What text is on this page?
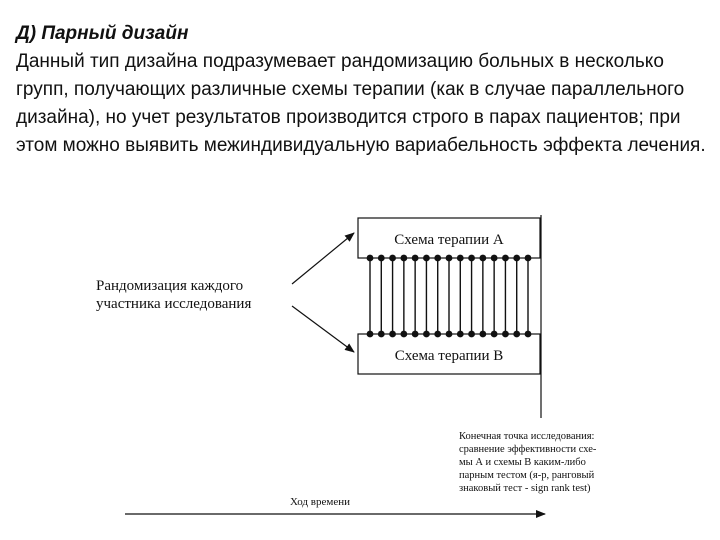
Д) Парный дизайн
Данный тип дизайна подразумевает рандомизацию больных в несколько групп, получающих различные схемы терапии (как в случае параллельного дизайна), но учет результатов производится строго в парах пациентов; при этом можно выявить межиндивидуальную вариабельность эффекта лечения.
Схема терапии А
Схема терапии В
Рандомизация каждого участника исследования
Конечная точка исследования: сравнение эффективности схе- мы А и схемы В каким-либо парным тестом (я-р, ранговый знаковый тест - sign rank test)
Ход времени
